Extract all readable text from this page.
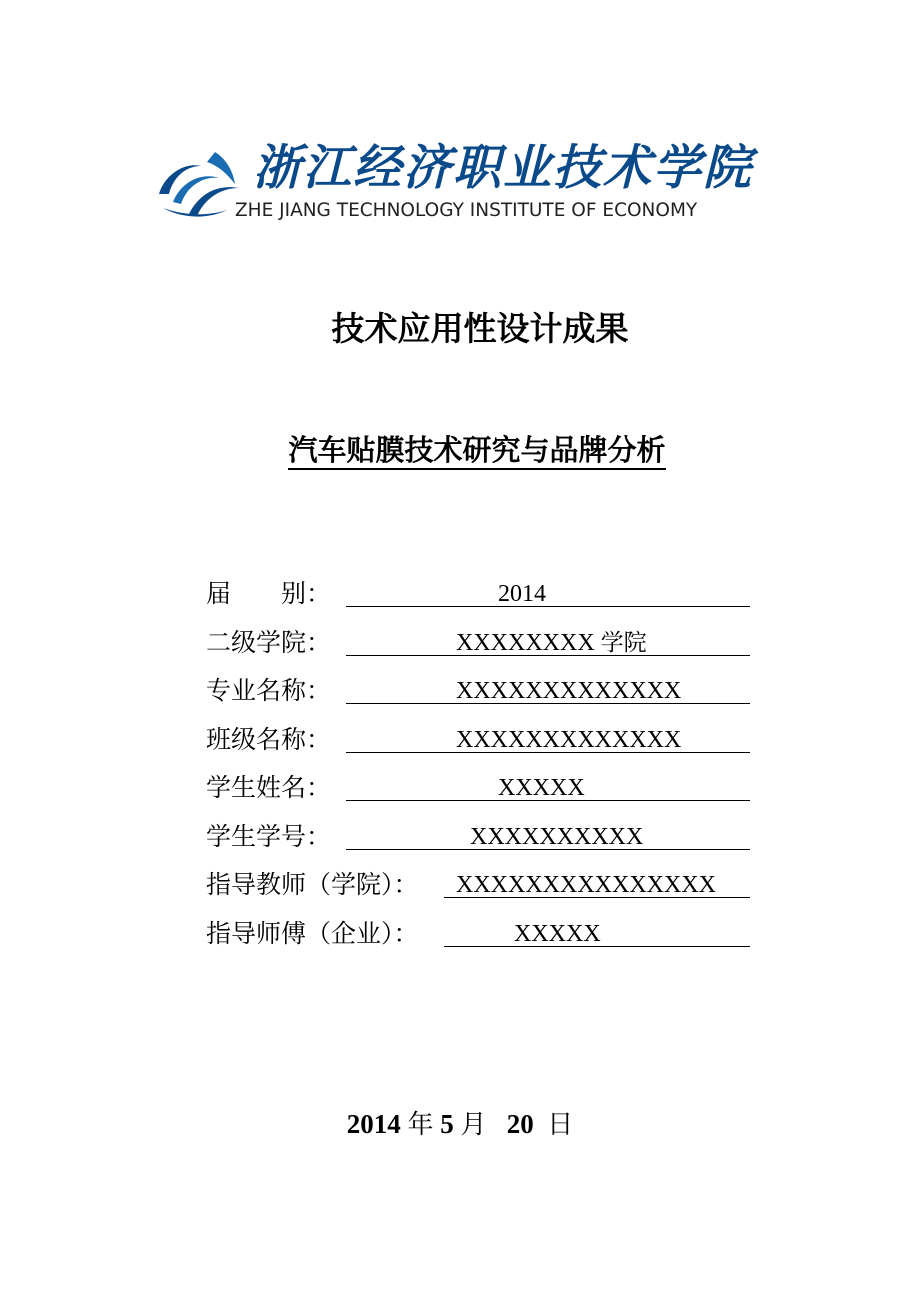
浙江经济职业技术学院
ZHE JIANG TECHNOLOGY INSTITUTE OF ECONOMY
技术应用性设计成果
汽车贴膜技术研究与品牌分析
届 别：	2014
二级学院：	XXXXXXXX 学院
专业名称：	XXXXXXXXXXXXX
班级名称：	XXXXXXXXXXXXX
学生姓名：	XXXXX
学生学号：	XXXXXXXXXX
指导教师（学院）： XXXXXXXXXXXXXXX
指导师傅（企业）：	XXXXX
2014 年 5 月 20 日
